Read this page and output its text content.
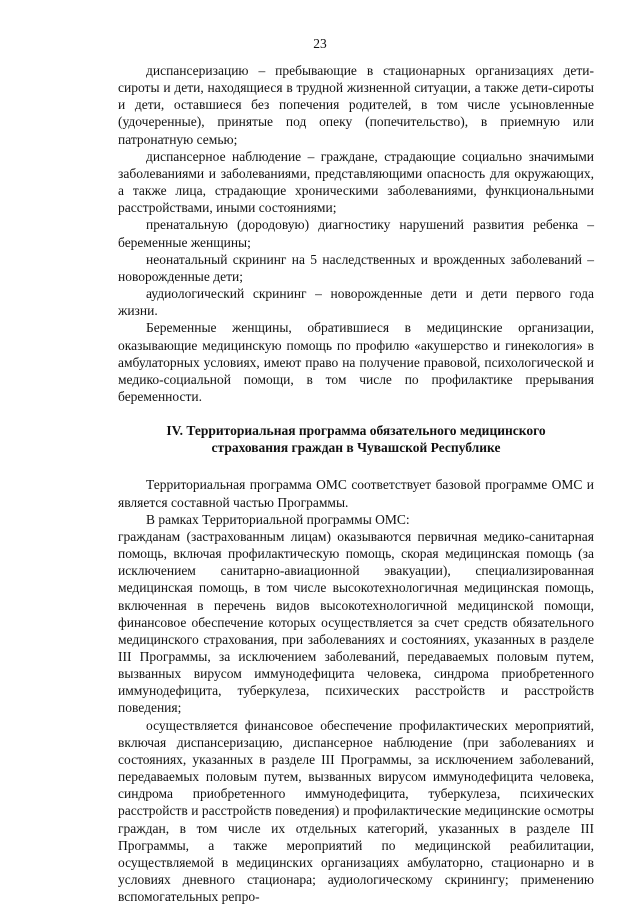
23

диспансеризацию – пребывающие в стационарных организациях дети-сироты и дети, находящиеся в трудной жизненной ситуации, а также дети-сироты и дети, оставшиеся без попечения родителей, в том числе усыновленные (удочеренные), принятые под опеку (попечительство), в приемную или патронатную семью;

диспансерное наблюдение – граждане, страдающие социально значимыми заболеваниями и заболеваниями, представляющими опасность для окружающих, а также лица, страдающие хроническими заболеваниями, функциональными расстройствами, иными состояниями;

пренатальную (дородовую) диагностику нарушений развития ребенка – беременные женщины;

неонатальный скрининг на 5 наследственных и врожденных заболеваний – новорожденные дети;

аудиологический скрининг – новорожденные дети и дети первого года жизни.

Беременные женщины, обратившиеся в медицинские организации, оказывающие медицинскую помощь по профилю «акушерство и гинекология» в амбулаторных условиях, имеют право на получение правовой, психологической и медико-социальной помощи, в том числе по профилактике прерывания беременности.

IV. Территориальная программа обязательного медицинского
страхования граждан в Чувашской Республике

Территориальная программа ОМС соответствует базовой программе ОМС и является составной частью Программы.

В рамках Территориальной программы ОМС:

гражданам (застрахованным лицам) оказываются первичная медико-санитарная помощь, включая профилактическую помощь, скорая медицинская помощь (за исключением санитарно-авиационной эвакуации), специализированная медицинская помощь, в том числе высокотехнологичная медицинская помощь, включенная в перечень видов высокотехнологичной медицинской помощи, финансовое обеспечение которых осуществляется за счет средств обязательного медицинского страхования, при заболеваниях и состояниях, указанных в разделе III Программы, за исключением заболеваний, передаваемых половым путем, вызванных вирусом иммунодефицита человека, синдрома приобретенного иммунодефицита, туберкулеза, психических расстройств и расстройств поведения;

осуществляется финансовое обеспечение профилактических мероприятий, включая диспансеризацию, диспансерное наблюдение (при заболеваниях и состояниях, указанных в разделе III Программы, за исключением заболеваний, передаваемых половым путем, вызванных вирусом иммунодефицита человека, синдрома приобретенного иммунодефицита, туберкулеза, психических расстройств и расстройств поведения) и профилактические медицинские осмотры граждан, в том числе их отдельных категорий, указанных в разделе III Программы, а также мероприятий по медицинской реабилитации, осуществляемой в медицинских организациях амбулаторно, стационарно и в условиях дневного стационара; аудиологическому скринингу; применению вспомогательных репро-
